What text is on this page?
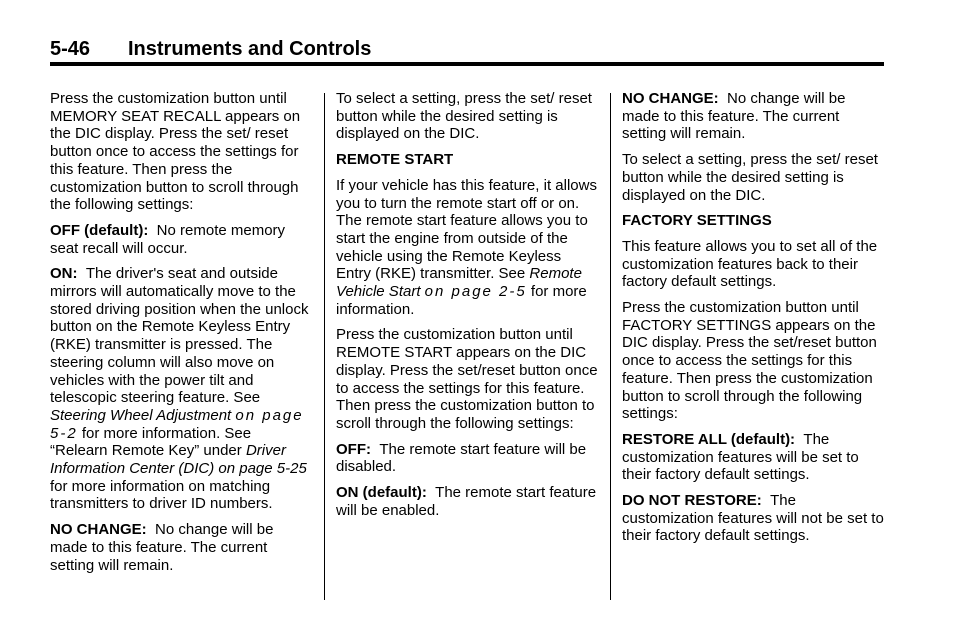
5-46 Instruments and Controls

Press the customization button until MEMORY SEAT RECALL appears on the DIC display. Press the set/ reset button once to access the settings for this feature. Then press the customization button to scroll through the following settings:

OFF (default): No remote memory seat recall will occur.

ON: The driver's seat and outside mirrors will automatically move to the stored driving position when the unlock button on the Remote Keyless Entry (RKE) transmitter is pressed. The steering column will also move on vehicles with the power tilt and telescopic steering feature. See Steering Wheel Adjustment on page 5-2 for more information. See “Relearn Remote Key” under Driver Information Center (DIC) on page 5-25 for more information on matching transmitters to driver ID numbers.

NO CHANGE: No change will be made to this feature. The current setting will remain.

To select a setting, press the set/ reset button while the desired setting is displayed on the DIC.

REMOTE START

If your vehicle has this feature, it allows you to turn the remote start off or on. The remote start feature allows you to start the engine from outside of the vehicle using the Remote Keyless Entry (RKE) transmitter. See Remote Vehicle Start on page 2-5 for more information.

Press the customization button until REMOTE START appears on the DIC display. Press the set/reset button once to access the settings for this feature. Then press the customization button to scroll through the following settings:

OFF: The remote start feature will be disabled.

ON (default): The remote start feature will be enabled.

NO CHANGE: No change will be made to this feature. The current setting will remain.

To select a setting, press the set/ reset button while the desired setting is displayed on the DIC.

FACTORY SETTINGS

This feature allows you to set all of the customization features back to their factory default settings.

Press the customization button until FACTORY SETTINGS appears on the DIC display. Press the set/reset button once to access the settings for this feature. Then press the customization button to scroll through the following settings:

RESTORE ALL (default): The customization features will be set to their factory default settings.

DO NOT RESTORE: The customization features will not be set to their factory default settings.
